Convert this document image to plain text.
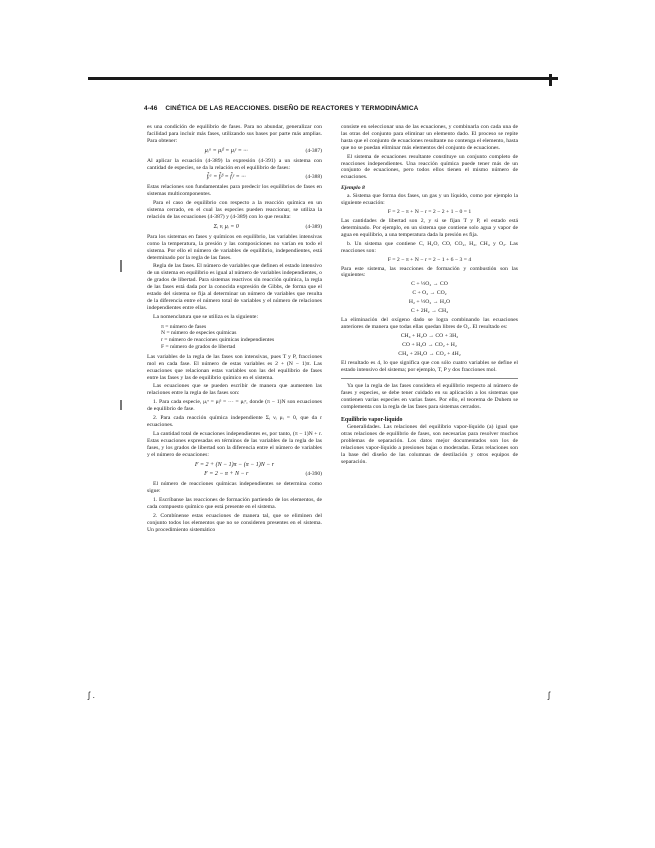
4-46 CINÉTICA DE LAS REACCIONES. DISEÑO DE REACTORES Y TERMODINÁMICA

es una condición de equilibrio de fases. Para no abundar, generalizar con facilidad para incluir más fases, utilizando sus bases por parte más amplias. Para obtener:

μᵢᵅ = μᵢᵝ = μᵢᵞ = ···	(4-387)

Al aplicar la ecuación (4-389) la expresión (4-391) a un sistema con cantidad de especies, se da la relación en el equilibrio de fases:

f̂ᵢᵅ = f̂ᵢᵝ = f̂ᵢᵞ = ···	(4-388)

Estas relaciones son fundamentales para predecir los equilibrios de fases en sistemas multicomponentes.

Para el caso de equilibrio con respecto a la reacción química en un sistema cerrado, en el cual las especies pueden reaccionar, se utiliza la relación de las ecuaciones (4-387) y (4-389) con lo que resulta:

Σᵢ νᵢ μᵢ = 0	(4-389)

Para los sistemas en fases y químicos en equilibrio, las variables intensivas como la temperatura, la presión y las composiciones no varían en todo el sistema. Por ello el número de variables de equilibrio, independientes, está determinado por la regla de las fases.

Regla de las fases. El número de variables que definen el estado intensivo de un sistema en equilibrio es igual al número de variables independientes, o de grados de libertad. Para sistemas reactivos sin reacción química, la regla de las fases está dada por la conocida expresión de Gibbs, de forma que el estado del sistema se fija al determinar un número de variables que resulta de la diferencia entre el número total de variables y el número de relaciones independientes entre ellas.

La nomenclatura que se utiliza es la siguiente:

π = número de fases
N = número de especies químicas
r = número de reacciones químicas independientes
F = número de grados de libertad

Las variables de la regla de las fases son intensivas, pues T y P, fracciones mol en cada fase. El número de estas variables es 2 + (N − 1)π. Las ecuaciones que relacionan estas variables son las del equilibrio de fases entre las fases y las de equilibrio químico en el sistema.

Las ecuaciones que se pueden escribir de manera que aumenten las relaciones entre la regla de las fases son:

1. Para cada especie, μᵢᵅ = μᵢᵝ = ··· = μᵢᵖ, donde (π − 1)N son ecuaciones de equilibrio de fase.

2. Para cada reacción química independiente Σᵢ νᵢ μᵢ = 0, que da r ecuaciones.

La cantidad total de ecuaciones independientes es, por tanto, (π − 1)N + r. Estas ecuaciones expresadas en términos de las variables de la regla de las fases, y los grados de libertad son la diferencia entre el número de variables y el número de ecuaciones:

F = 2 + (N − 1)π − (π − 1)N − r
F = 2 − π + N − r	(4-390)

El número de reacciones químicas independientes se determina como sigue:

1. Escríbanse las reacciones de formación partiendo de los elementos, de cada compuesto químico que está presente en el sistema.

2. Combínense estas ecuaciones de manera tal, que se eliminen del conjunto todos los elementos que no se consideren presentes en el sistema. Un procedimiento sistemático

consiste en seleccionar una de las ecuaciones, y combinarla con cada una de las otras del conjunto para eliminar un elemento dado. El proceso se repite hasta que el conjunto de ecuaciones resultante no contenga el elemento, hasta que no se puedan eliminar más elementos del conjunto de ecuaciones.

El sistema de ecuaciones resultante constituye un conjunto completo de reacciones independientes. Una reacción química puede tener más de un conjunto de ecuaciones, pero todos ellos tienen el mismo número de ecuaciones.

Ejemplo 8

a. Sistema que forma dos fases, un gas y un líquido, como por ejemplo la siguiente ecuación:

F = 2 − π + N − r = 2 − 2 + 1 − 0 = 1

Las cantidades de libertad son 2, y si se fijan T y P, el estado está determinado. Por ejemplo, en un sistema que contiene solo agua y vapor de agua en equilibrio, a una temperatura dada la presión es fija.

b. Un sistema que contiene C, H₂O, CO, CO₂, H₂, CH₄ y O₂. Las reacciones son:

F = 2 − π + N − r = 2 − 1 + 6 − 3 = 4

Para este sistema, las reacciones de formación y combustión son las siguientes:

C + ½O₂ → CO
C + O₂ → CO₂
H₂ + ½O₂ → H₂O
C + 2H₂ → CH₄

La eliminación del oxígeno dado se logra combinando las ecuaciones anteriores de manera que todas ellas quedan libres de O₂. El resultado es:

CH₄ + H₂O → CO + 3H₂
CO + H₂O → CO₂ + H₂
CH₄ + 2H₂O → CO₂ + 4H₂

El resultado es 4, lo que significa que con sólo cuatro variables se define el estado intensivo del sistema; por ejemplo, T, P y dos fracciones mol.

Ya que la regla de las fases considera el equilibrio respecto al número de fases y especies, se debe tener cuidado en su aplicación a los sistemas que contienen varias especies en varias fases. Por ello, el teorema de Duhem se complementa con la regla de las fases para sistemas cerrados.

Equilibrio vapor-líquido

Generalidades. Las relaciones del equilibrio vapor-líquido (a) igual que otras relaciones de equilibrio de fases, son necesarias para resolver muchos problemas de separación. Los datos mejor documentados son los de relaciones vapor-líquido a presiones bajas o moderadas. Estas relaciones son la base del diseño de las columnas de destilación y otros equipos de separación.

ʃ .	ʃ
